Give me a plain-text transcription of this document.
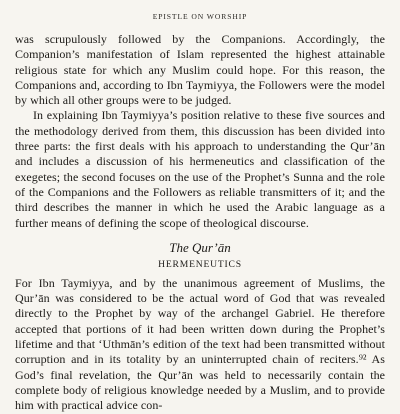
EPISTLE ON WORSHIP

was scrupulously followed by the Companions. Accordingly, the Companion’s manifestation of Islam represented the highest attainable religious state for which any Muslim could hope. For this reason, the Companions and, according to Ibn Taymiyya, the Followers were the model by which all other groups were to be judged.

In explaining Ibn Taymiyya’s position relative to these five sources and the methodology derived from them, this discussion has been divided into three parts: the first deals with his approach to understanding the Qur’ān and includes a discussion of his hermeneutics and classification of the exegetes; the second focuses on the use of the Prophet’s Sunna and the role of the Companions and the Followers as reliable transmitters of it; and the third describes the manner in which he used the Arabic language as a further means of defining the scope of theological discourse.

The Qur’ān
HERMENEUTICS

For Ibn Taymiyya, and by the unanimous agreement of Muslims, the Qur’ān was considered to be the actual word of God that was revealed directly to the Prophet by way of the archangel Gabriel. He therefore accepted that portions of it had been written down during the Prophet’s lifetime and that ‘Uthmān’s edition of the text had been transmitted without corruption and in its totality by an uninterrupted chain of reciters.⁹² As God’s final revelation, the Qur’ān was held to necessarily contain the complete body of religious knowledge needed by a Muslim, and to provide him with practical advice con-
